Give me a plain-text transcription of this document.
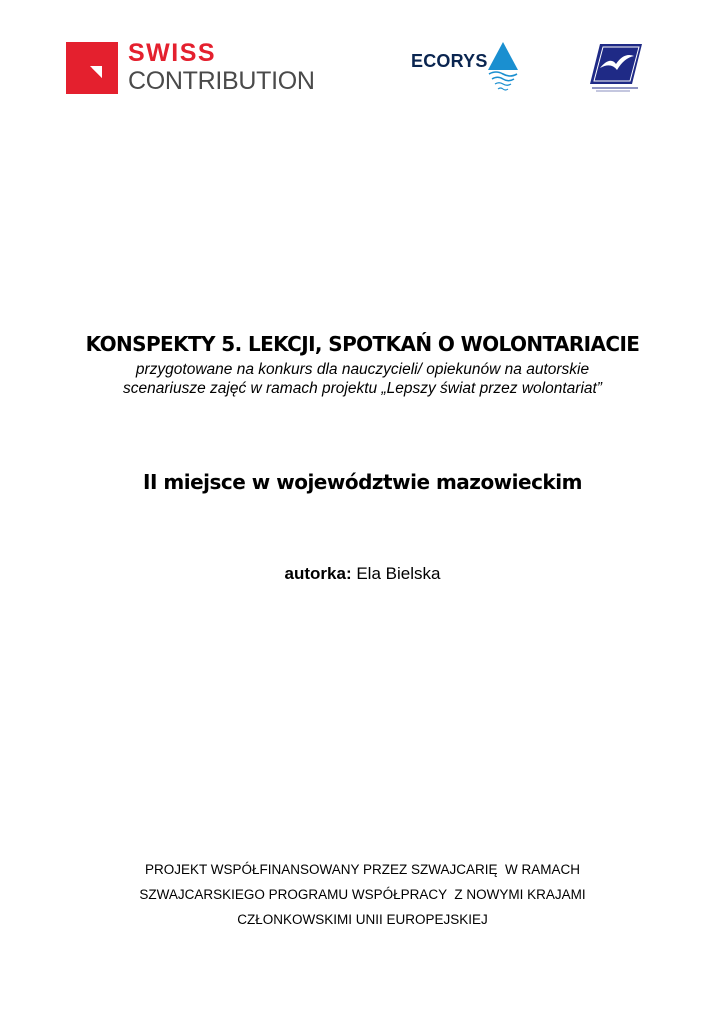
SWISS
CONTRIBUTION
ECORYS
KONSPEKTY 5. LEKCJI, SPOTKAŃ O WOLONTARIACIE
przygotowane na konkurs dla nauczycieli/ opiekunów na autorskie
scenariusze zajęć w ramach projektu „Lepszy świat przez wolontariat”
II miejsce w województwie mazowieckim
autorka: Ela Bielska
PROJEKT WSPÓŁFINANSOWANY PRZEZ SZWAJCARIĘ  W RAMACH
SZWAJCARSKIEGO PROGRAMU WSPÓŁPRACY  Z NOWYMI KRAJAMI
CZŁONKOWSKIMI UNII EUROPEJSKIEJ
